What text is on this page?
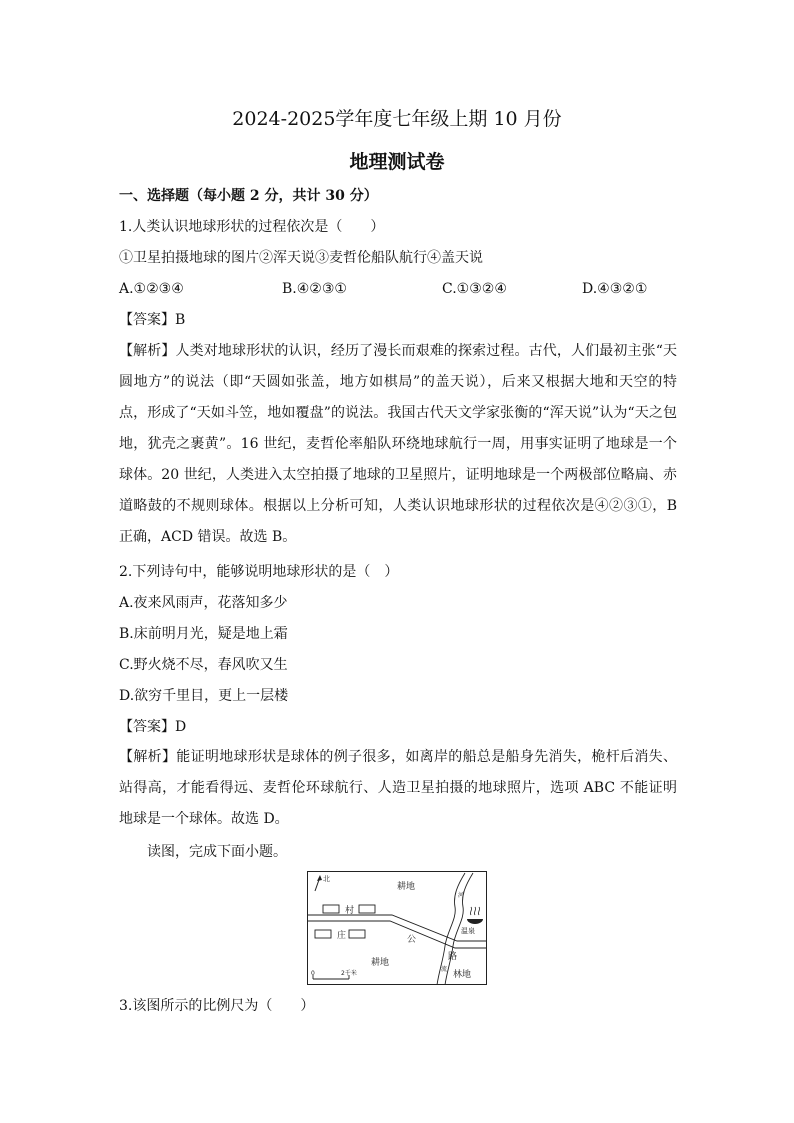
2024-2025学年度七年级上期 10 月份
地理测试卷
一、选择题（每小题 2 分，共计 30 分）
1.人类认识地球形状的过程依次是（　　）
①卫星拍摄地球的图片②浑天说③麦哲伦船队航行④盖天说
A.①②③④	B.④②③①	C.①③②④	D.④③②①
【答案】B
【解析】人类对地球形状的认识，经历了漫长而艰难的探索过程。古代，人们最初主张“天圆地方”的说法（即“天圆如张盖，地方如棋局”的盖天说），后来又根据大地和天空的特点，形成了“天如斗笠，地如覆盘”的说法。我国古代天文学家张衡的“浑天说”认为“天之包地，犹壳之裹黄”。16 世纪，麦哲伦率船队环绕地球航行一周，用事实证明了地球是一个球体。20 世纪，人类进入太空拍摄了地球的卫星照片，证明地球是一个两极部位略扁、赤道略鼓的不规则球体。根据以上分析可知，人类认识地球形状的过程依次是④②③①，B 正确，ACD 错误。故选 B。
2.下列诗句中，能够说明地球形状的是（　）
A.夜来风雨声，花落知多少
B.床前明月光，疑是地上霜
C.野火烧不尽，春风吹又生
D.欲穷千里目，更上一层楼
【答案】D
【解析】能证明地球形状是球体的例子很多，如离岸的船总是船身先消失，桅杆后消失、站得高，才能看得远、麦哲伦环球航行、人造卫星拍摄的地球照片，选项 ABC 不能证明地球是一个球体。故选 D。
读图，完成下面小题。
北
耕地
村
庄	公
路
耕地
林地
河
流
温泉
0	2千米
3.该图所示的比例尺为（　　）
